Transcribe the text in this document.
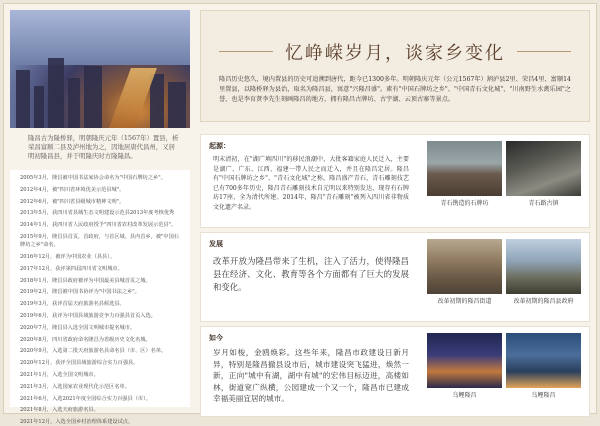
隆昌古为隆桥驿，明朝隆庆元年（1567年）置县，析荣昌富顺二县及泸州地为之，因地居唐代昌州，又居明初隆昌县，并于明隆庆时方隆隆昌。
2005年3月，隆昌被中国书法家协会命名为"中国石牌坊之乡"。
2012年4月，被"四川省环境优美示范县城"。
2012年6月，被"四川省县级城市精神文明"。
2013年5月，获四川省县城生态文明建设示范县2013年度考核优秀
2014年1月，获四川省人民政府授予"四川省农村改革发展示范县"。
2015年9月，隆昌县首页，首政府，与首区域、县内首乡，被"中国石牌坊之乡"命名。
2016年12月，被评为中国农业（县县）。
2017年12月，获评第四届四川省文明城市。
2018年1月，隆昌县政府被评为中国最美县城首页之城。
2019年2月，隆昌被中国书协评为"中国书法之乡"。
2019年3月，获评首届天府旅游名县候选县。
2019年6月，获评为中国县域旅游竞争力百强县首页入选。
2020年7月，隆昌县入选全国文明城市提名城市。
2020年8月，四川省政府命名隆昌为省级历史文化名城。
2020年9月，入选第二批天府旅游名县命名县（市、区）名单。
2020年12月，获评全国县域旅游综合实力百强县。
2021年1月，入选全国文明城市。
2021年3月，入选国家农业现代化示范区名单。
2021年6月，入选2021年度全国综合实力百强县（市）。
2021年8月，入选天府旅游名县。
2021年12月，入选全国乡村治理体系建设试点。
忆峥嵘岁月，谈家乡变化
隆昌历史悠久，境内置县的历史可追溯到唐代，距今已1300多年。明朝隆庆元年（公元1567年）割泸县2里、荣昌4里、富顺14里置县，以隆桥驿为县治，取名为隆昌县，寓意"兴隆昌盛"。素有"中国石牌坊之乡"、"中国青石文化城"、"川南野生水禽乐园"之誉，也是李育贤李先生刻画隆昌的地方，拥有隆昌古牌坊、古宇湖、云顶古寨等景点。
起源：
明末清初，在"湖广填四川"的移民浪潮中，大批客籍家庭人民迁入，主要是湖广、广东、江西、福建一带人民之而迁入，并且在隆昌定居。隆昌有"中国石牌坊之乡"、"青石文化城"之称，隆昌盛产青石，青石雕刻技艺已有700多年历史，隆昌青石雕刻技术自元明以来特别发达，现存有石牌坊17座，全为清代所建。2014年，隆昌"青石雕刻"被列入四川省非物质文化遗产名录。
青石镌造的石牌坊	青石路古镇
发展
改革开放为隆昌带来了生机，注入了活力，使得隆昌县在经济、文化、教育等各个方面都有了巨大的发展和变化。
改革初期的隆昌街道	改革初期的隆昌县政府
如今
岁月如梭，金鸥焕彩。这些年来，隆昌市政建设日新月异，特别是隆昌撤县设市后，城市建设突飞猛进，焕然一新，正向"城中有湖，湖中有城"的宏伟目标迈进，高楼如林，街道宽广纵横，公园建成一个又一个，隆昌市已建成幸福美丽宜居的城市。	乌鲤隆昌	乌鲤隆昌
